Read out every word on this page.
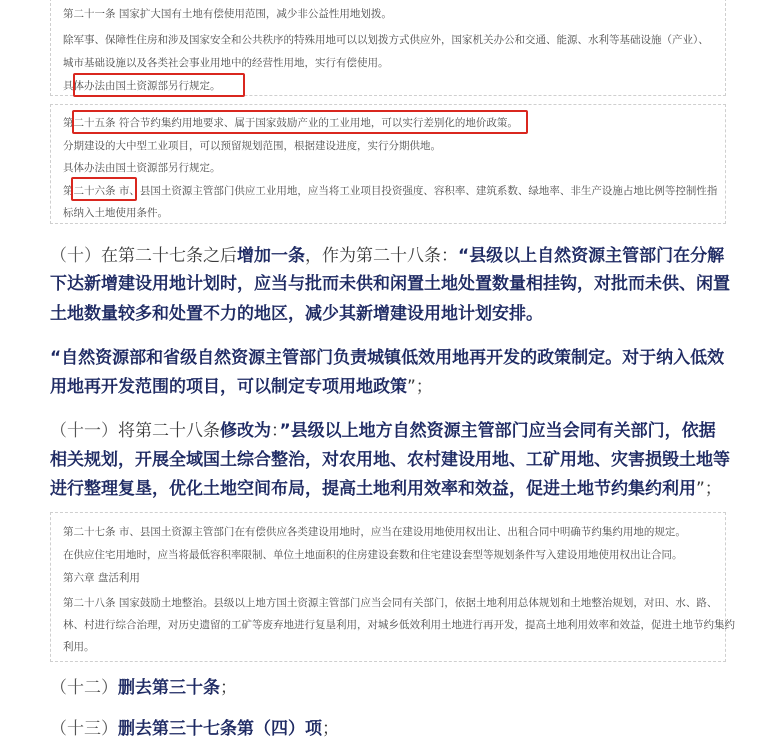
第二十一条 国家扩大国有土地有偿使用范围，减少非公益性用地划拨。
除军事、保障性住房和涉及国家安全和公共秩序的特殊用地可以以划拨方式供应外，国家机关办公和交通、能源、水利等基础设施（产业）、
城市基础设施以及各类社会事业用地中的经营性用地，实行有偿使用。
具体办法由国土资源部另行规定。
第二十五条 符合节约集约用地要求、属于国家鼓励产业的工业用地，可以实行差别化的地价政策。
分期建设的大中型工业项目，可以预留规划范围，根据建设进度，实行分期供地。
具体办法由国土资源部另行规定。
第二十六条 市、县国土资源主管部门供应工业用地，应当将工业项目投资强度、容积率、建筑系数、绿地率、非生产设施占地比例等控制性指
标纳入土地使用条件。
（十）在第二十七条之后增加一条，作为第二十八条：“县级以上自然资源主管部门在分解
下达新增建设用地计划时，应当与批而未供和闲置土地处置数量相挂钩，对批而未供、闲置
土地数量较多和处置不力的地区，减少其新增建设用地计划安排。
“自然资源部和省级自然资源主管部门负责城镇低效用地再开发的政策制定。对于纳入低效
用地再开发范围的项目，可以制定专项用地政策”；
（十一）将第二十八条修改为：”县级以上地方自然资源主管部门应当会同有关部门，依据
相关规划，开展全域国土综合整治，对农用地、农村建设用地、工矿用地、灾害损毁土地等
进行整理复垦，优化土地空间布局，提高土地利用效率和效益，促进土地节约集约利用”；
第二十七条 市、县国土资源主管部门在有偿供应各类建设用地时，应当在建设用地使用权出让、出租合同中明确节约集约用地的规定。
在供应住宅用地时，应当将最低容积率限制、单位土地面积的住房建设套数和住宅建设套型等规划条件写入建设用地使用权出让合同。
第六章 盘活利用
第二十八条 国家鼓励土地整治。县级以上地方国土资源主管部门应当会同有关部门，依据土地利用总体规划和土地整治规划，对田、水、路、
林、村进行综合治理，对历史遗留的工矿等废弃地进行复垦利用，对城乡低效利用土地进行再开发，提高土地利用效率和效益，促进土地节约集约
利用。
（十二）删去第三十条；
（十三）删去第三十七条第（四）项；
